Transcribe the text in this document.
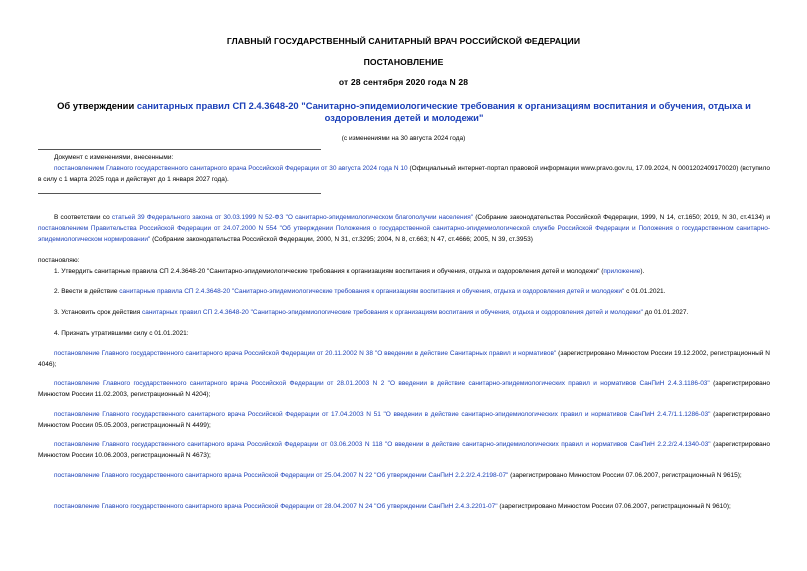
ГЛАВНЫЙ ГОСУДАРСТВЕННЫЙ САНИТАРНЫЙ ВРАЧ РОССИЙСКОЙ ФЕДЕРАЦИИ
ПОСТАНОВЛЕНИЕ
от 28 сентября 2020 года N 28
Об утверждении санитарных правил СП 2.4.3648-20 "Санитарно-эпидемиологические требования к организациям воспитания и обучения, отдыха и оздоровления детей и молодежи"
(с изменениями на 30 августа 2024 года)
Документ с изменениями, внесенными:
постановлением Главного государственного санитарного врача Российской Федерации от 30 августа 2024 года N 10 (Официальный интернет-портал правовой информации www.pravo.gov.ru, 17.09.2024, N 0001202409170020) (вступило в силу с 1 марта 2025 года и действует до 1 января 2027 года).
В соответствии со статьей 39 Федерального закона от 30.03.1999 N 52-ФЗ "О санитарно-эпидемиологическом благополучии населения" (Собрание законодательства Российской Федерации, 1999, N 14, ст.1650; 2019, N 30, ст.4134) и постановлением Правительства Российской Федерации от 24.07.2000 N 554 "Об утверждении Положения о государственной санитарно-эпидемиологической службе Российской Федерации и Положения о государственном санитарно-эпидемиологическом нормировании" (Собрание законодательства Российской Федерации, 2000, N 31, ст.3295; 2004, N 8, ст.663; N 47, ст.4666; 2005, N 39, ст.3953)
постановляю:
1. Утвердить санитарные правила СП 2.4.3648-20 "Санитарно-эпидемиологические требования к организациям воспитания и обучения, отдыха и оздоровления детей и молодежи" (приложение).
2. Ввести в действие санитарные правила СП 2.4.3648-20 "Санитарно-эпидемиологические требования к организациям воспитания и обучения, отдыха и оздоровления детей и молодежи" с 01.01.2021.
3. Установить срок действия санитарных правил СП 2.4.3648-20 "Санитарно-эпидемиологические требования к организациям воспитания и обучения, отдыха и оздоровления детей и молодежи" до 01.01.2027.
4. Признать утратившими силу с 01.01.2021:
постановление Главного государственного санитарного врача Российской Федерации от 20.11.2002 N 38 "О введении в действие Санитарных правил и нормативов" (зарегистрировано Минюстом России 19.12.2002, регистрационный N 4046);
постановление Главного государственного санитарного врача Российской Федерации от 28.01.2003 N 2 "О введении в действие санитарно-эпидемиологических правил и нормативов СанПиН 2.4.3.1186-03" (зарегистрировано Минюстом России 11.02.2003, регистрационный N 4204);
постановление Главного государственного санитарного врача Российской Федерации от 17.04.2003 N 51 "О введении в действие санитарно-эпидемиологических правил и нормативов СанПиН 2.4.7/1.1.1286-03" (зарегистрировано Минюстом России 05.05.2003, регистрационный N 4499);
постановление Главного государственного санитарного врача Российской Федерации от 03.06.2003 N 118 "О введении в действие санитарно-эпидемиологических правил и нормативов СанПиН 2.2.2/2.4.1340-03" (зарегистрировано Минюстом России 10.06.2003, регистрационный N 4673);
постановление Главного государственного санитарного врача Российской Федерации от 25.04.2007 N 22 "Об утверждении СанПиН 2.2.2/2.4.2198-07" (зарегистрировано Минюстом России 07.06.2007, регистрационный N 9615);
постановление Главного государственного санитарного врача Российской Федерации от 28.04.2007 N 24 "Об утверждении СанПиН 2.4.3.2201-07" (зарегистрировано Минюстом России 07.06.2007, регистрационный N 9610);
